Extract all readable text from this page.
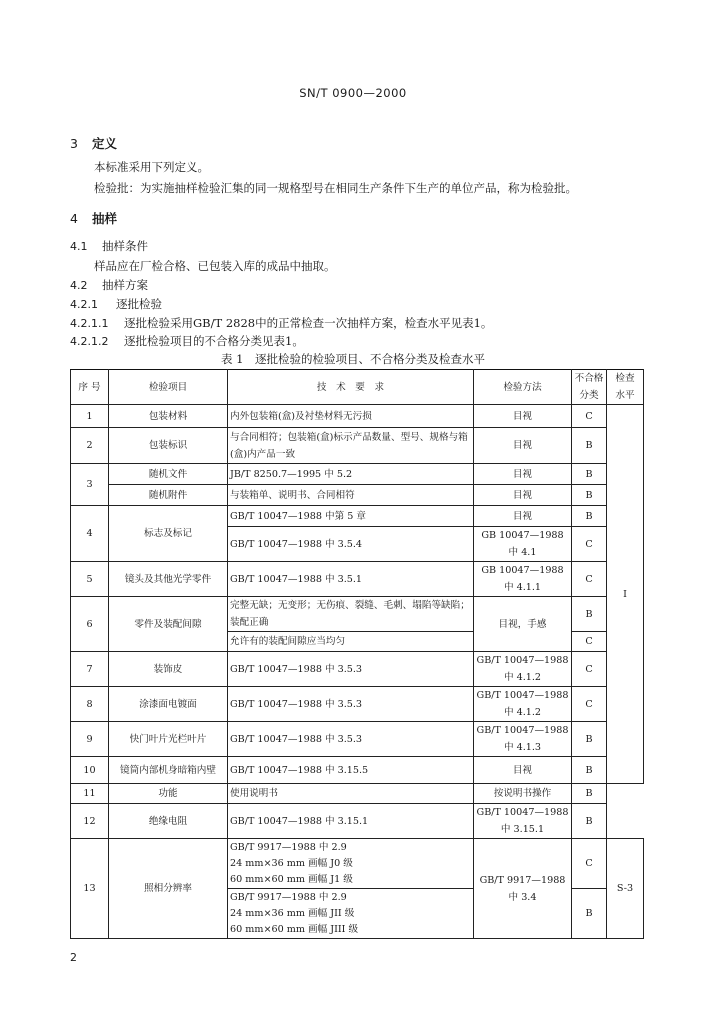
SN/T 0900—2000
3 定义
本标准采用下列定义。
检验批：为实施抽样检验汇集的同一规格型号在相同生产条件下生产的单位产品，称为检验批。
4 抽样
4.1 抽样条件
样品应在厂检合格、已包装入库的成品中抽取。
4.2 抽样方案
4.2.1 逐批检验
4.2.1.1 逐批检验采用GB/T 2828中的正常检查一次抽样方案，检查水平见表1。
4.2.1.2 逐批检验项目的不合格分类见表1。
表 1　逐批检验的检验项目、不合格分类及检查水平
序 号	检验项目	技　术　要　求	检验方法	不合格
分类	检查
水平
1	包装材料	内外包装箱(盒)及衬垫材料无污损	目视	C	I
2	包装标识	与合同相符；包装箱(盒)标示产品数量、型号、规格与箱(盒)内产品一致	目视	B	
3	随机文件	JB/T 8250.7—1995 中 5.2	目视	B	
	随机附件	与装箱单、说明书、合同相符	目视	B	
4	标志及标记	GB/T 10047—1988 中第 5 章	目视	B	
		GB/T 10047—1988 中 3.5.4	GB 10047—1988
中 4.1	C	
5	镜头及其他光学零件	GB/T 10047—1988 中 3.5.1	GB 10047—1988
中 4.1.1	C	
6	零件及装配间隙	完整无缺；无变形；无伤痕、裂缝、毛刺、塌陷等缺陷；装配正确	目视，手感	B	
		允许有的装配间隙应当均匀		C	
7	装饰皮	GB/T 10047—1988 中 3.5.3	GB/T 10047—1988
中 4.1.2	C	
8	涂漆面电镀面	GB/T 10047—1988 中 3.5.3	GB/T 10047—1988
中 4.1.2	C	
9	快门叶片光栏叶片	GB/T 10047—1988 中 3.5.3	GB/T 10047—1988
中 4.1.3	B	
10	镜筒内部机身暗箱内壁	GB/T 10047—1988 中 3.15.5	目视	B	
11	功能	使用说明书	按说明书操作	B	
12	绝缘电阻	GB/T 10047—1988 中 3.15.1	GB/T 10047—1988
中 3.15.1	B	
13	照相分辨率	GB/T 9917—1988 中 2.9
24 mm×36 mm 画幅 J0 级
60 mm×60 mm 画幅 J1 级	GB/T 9917—1988
中 3.4	C	S-3
		GB/T 9917—1988 中 2.9
24 mm×36 mm 画幅 JII 级
60 mm×60 mm 画幅 JIII 级		B	
2
